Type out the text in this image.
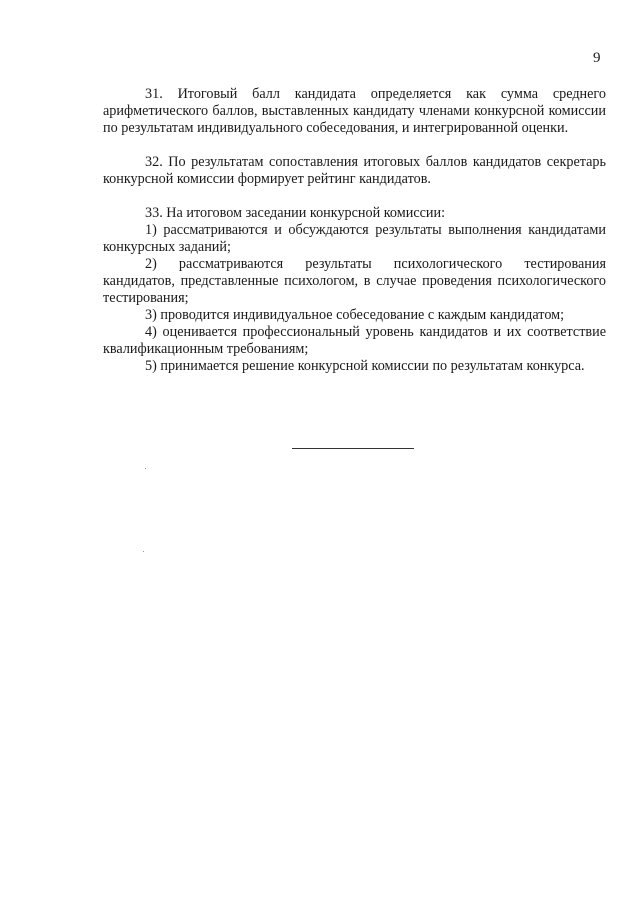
9

31. Итоговый балл кандидата определяется как сумма среднего арифметического баллов, выставленных кандидату членами конкурсной комиссии по результатам индивидуального собеседования, и интегрированной оценки.

32. По результатам сопоставления итоговых баллов кандидатов секретарь конкурсной комиссии формирует рейтинг кандидатов.

33. На итоговом заседании конкурсной комиссии:

1) рассматриваются и обсуждаются результаты выполнения кандидатами конкурсных заданий;

2) рассматриваются результаты психологического тестирования кандидатов, представленные психологом, в случае проведения психологического тестирования;

3) проводится индивидуальное собеседование с каждым кандидатом;

4) оценивается профессиональный уровень кандидатов и их соответствие квалификационным требованиям;

5) принимается решение конкурсной комиссии по результатам конкурса.
